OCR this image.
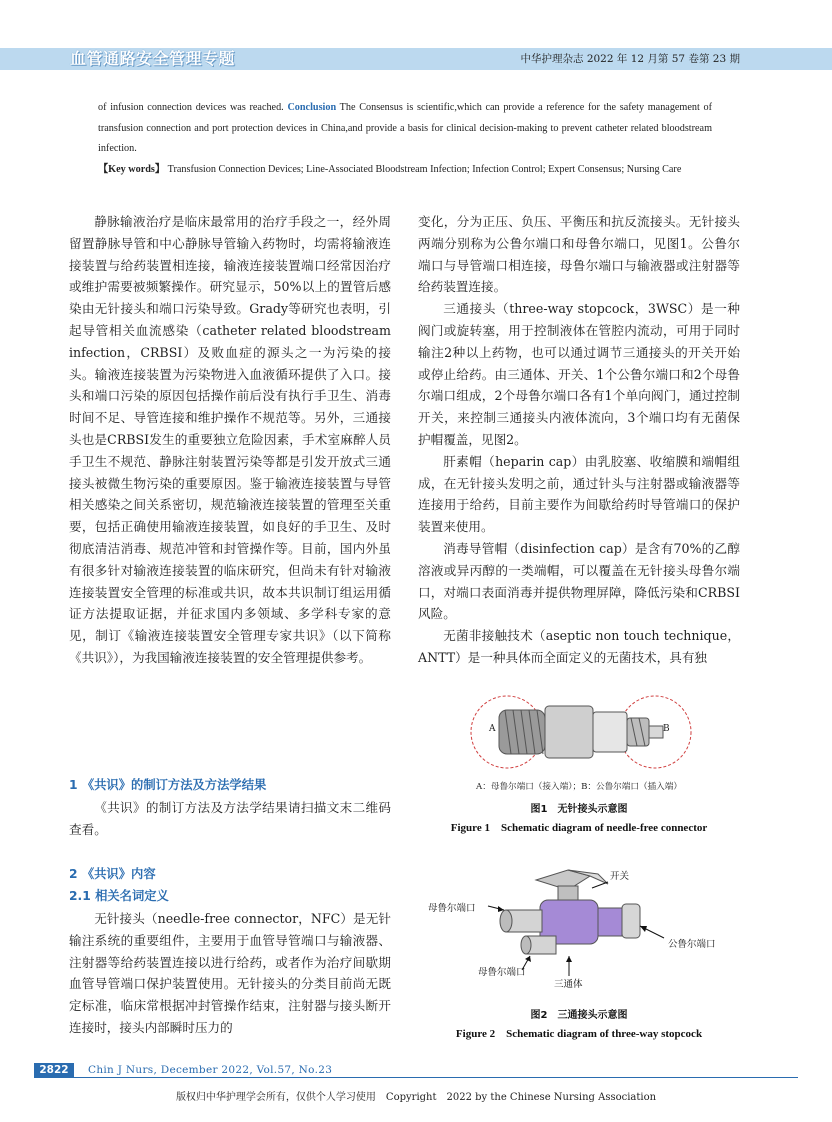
血管通路安全管理专题	中华护理杂志 2022 年 12 月第 57 卷第 23 期
of infusion connection devices was reached. Conclusion The Consensus is scientific,which can provide a reference for the safety management of transfusion connection and port protection devices in China,and provide a basis for clinical decision-making to prevent catheter related bloodstream infection.
【Key words】 Transfusion Connection Devices; Line-Associated Bloodstream Infection; Infection Control; Expert Consensus; Nursing Care

静脉输液治疗是临床最常用的治疗手段之一，经外周留置静脉导管和中心静脉导管输入药物时，均需将输液连接装置与给药装置相连接，输液连接装置端口经常因治疗或维护需要被频繁操作。研究显示，50%以上的置管后感染由无针接头和端口污染导致。Grady等研究也表明，引起导管相关血流感染（catheter related bloodstream infection，CRBSI）及败血症的源头之一为污染的接头。输液连接装置为污染物进入血液循环提供了入口。接头和端口污染的原因包括操作前后没有执行手卫生、消毒时间不足、导管连接和维护操作不规范等。另外，三通接头也是CRBSI发生的重要独立危险因素，手术室麻醉人员手卫生不规范、静脉注射装置污染等都是引发开放式三通接头被微生物污染的重要原因。鉴于输液连接装置与导管相关感染之间关系密切，规范输液连接装置的管理至关重要，包括正确使用输液连接装置，如良好的手卫生、及时彻底清洁消毒、规范冲管和封管操作等。目前，国内外虽有很多针对输液连接装置的临床研究，但尚未有针对输液连接装置安全管理的标准或共识，故本共识制订组运用循证方法提取证据，并征求国内多领域、多学科专家的意见，制订《输液连接装置安全管理专家共识》（以下简称《共识》），为我国输液连接装置的安全管理提供参考。

1 《共识》的制订方法及方法学结果

《共识》的制订方法及方法学结果请扫描文末二维码查看。

2 《共识》内容
2.1 相关名词定义

无针接头（needle-free connector，NFC）是无针输注系统的重要组件，主要用于血管导管端口与输液器、注射器等给药装置连接以进行给药，或者作为治疗间歇期血管导管端口保护装置使用。无针接头的分类目前尚无既定标准，临床常根据冲封管操作结束，注射器与接头断开连接时，接头内部瞬时压力的

变化，分为正压、负压、平衡压和抗反流接头。无针接头两端分别称为公鲁尔端口和母鲁尔端口，见图1。公鲁尔端口与导管端口相连接，母鲁尔端口与输液器或注射器等给药装置连接。

三通接头（three-way stopcock，3WSC）是一种阀门或旋转塞，用于控制液体在管腔内流动，可用于同时输注2种以上药物，也可以通过调节三通接头的开关开始或停止给药。由三通体、开关、1个公鲁尔端口和2个母鲁尔端口组成，2个母鲁尔端口各有1个单向阀门，通过控制开关，来控制三通接头内液体流向，3个端口均有无菌保护帽覆盖，见图2。

肝素帽（heparin cap）由乳胶塞、收缩膜和端帽组成，在无针接头发明之前，通过针头与注射器或输液器等连接用于给药，目前主要作为间歇给药时导管端口的保护装置来使用。

消毒导管帽（disinfection cap）是含有70%的乙醇溶液或异丙醇的一类端帽，可以覆盖在无针接头母鲁尔端口，对端口表面消毒并提供物理屏障，降低污染和CRBSI风险。

无菌非接触技术（aseptic non touch technique，ANTT）是一种具体而全面定义的无菌技术，具有独

A	B
A：母鲁尔端口（接入端）；B：公鲁尔端口（插入端）
图1　无针接头示意图
Figure 1　Schematic diagram of needle-free connector
开关
母鲁尔端口
公鲁尔端口
母鲁尔端口
三通体
图2　三通接头示意图
Figure 2　Schematic diagram of three-way stopcock
2822	Chin J Nurs, December 2022, Vol.57, No.23
版权归中华护理学会所有，仅供个人学习使用　Copyright　2022 by the Chinese Nursing Association
